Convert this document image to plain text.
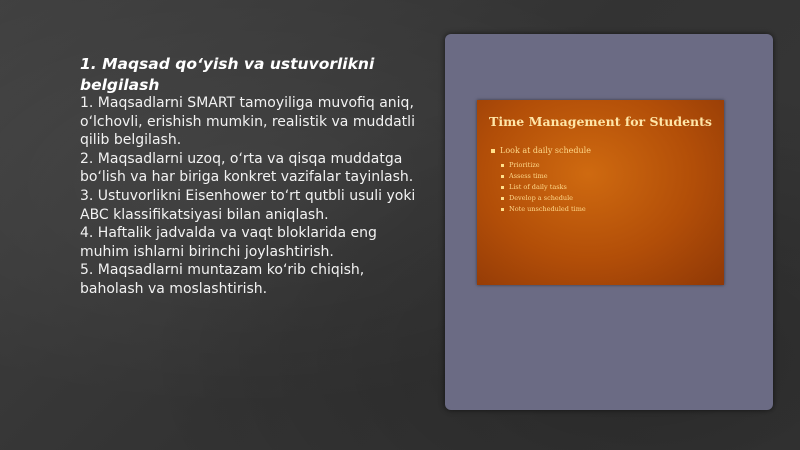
1. Maqsad qo‘yish va ustuvorlikni belgilash
1. Maqsadlarni SMART tamoyiliga muvofiq aniq, o‘lchovli, erishish mumkin, realistik va muddatli qilib belgilash.
2. Maqsadlarni uzoq, o‘rta va qisqa muddatga bo‘lish va har biriga konkret vazifalar tayinlash.
3. Ustuvorlikni Eisenhower to‘rt qutbli usuli yoki ABC klassifikatsiyasi bilan aniqlash.
4. Haftalik jadvalda va vaqt bloklarida eng muhim ishlarni birinchi joylashtirish.
5. Maqsadlarni muntazam ko‘rib chiqish, baholash va moslashtirish.
Time Management for Students
Look at daily schedule
Prioritize
Assess time
List of daily tasks
Develop a schedule
Note unscheduled time
